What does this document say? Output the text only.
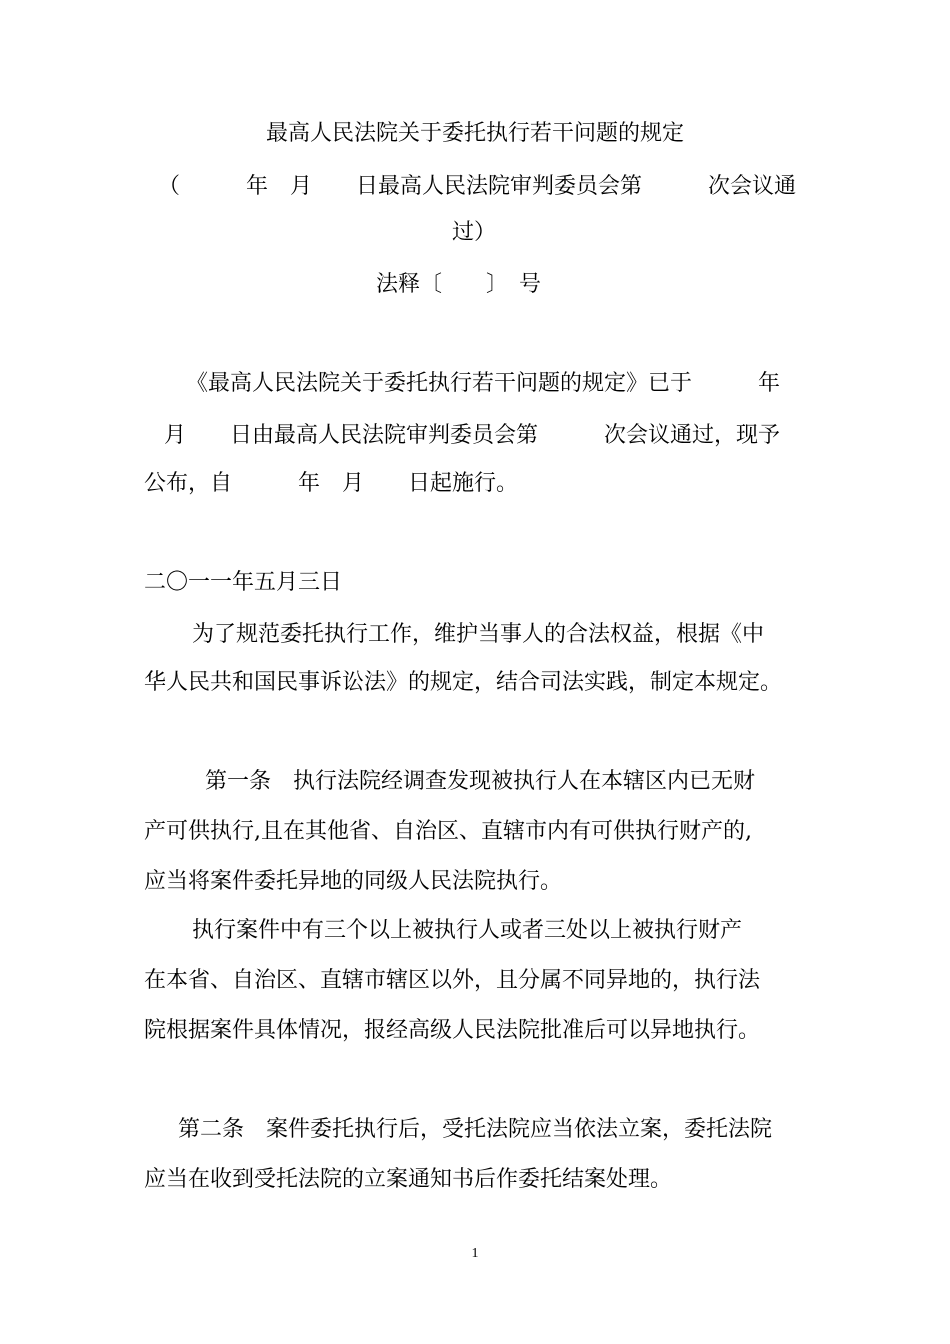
最高人民法院关于委托执行若干问题的规定
（　　　年　月　　日最高人民法院审判委员会第　　　次会议通
过）
法释〔　　〕　号
《最高人民法院关于委托执行若干问题的规定》已于　　　年
月　　日由最高人民法院审判委员会第　　　次会议通过，现予
公布，自　　　年　月　　日起施行。
二〇一一年五月三日
为了规范委托执行工作，维护当事人的合法权益，根据《中
华人民共和国民事诉讼法》的规定，结合司法实践，制定本规定。
第一条　执行法院经调查发现被执行人在本辖区内已无财
产可供执行,且在其他省、自治区、直辖市内有可供执行财产的,
应当将案件委托异地的同级人民法院执行。
执行案件中有三个以上被执行人或者三处以上被执行财产
在本省、自治区、直辖市辖区以外，且分属不同异地的，执行法
院根据案件具体情况，报经高级人民法院批准后可以异地执行。
第二条　案件委托执行后，受托法院应当依法立案，委托法院
应当在收到受托法院的立案通知书后作委托结案处理。
1
